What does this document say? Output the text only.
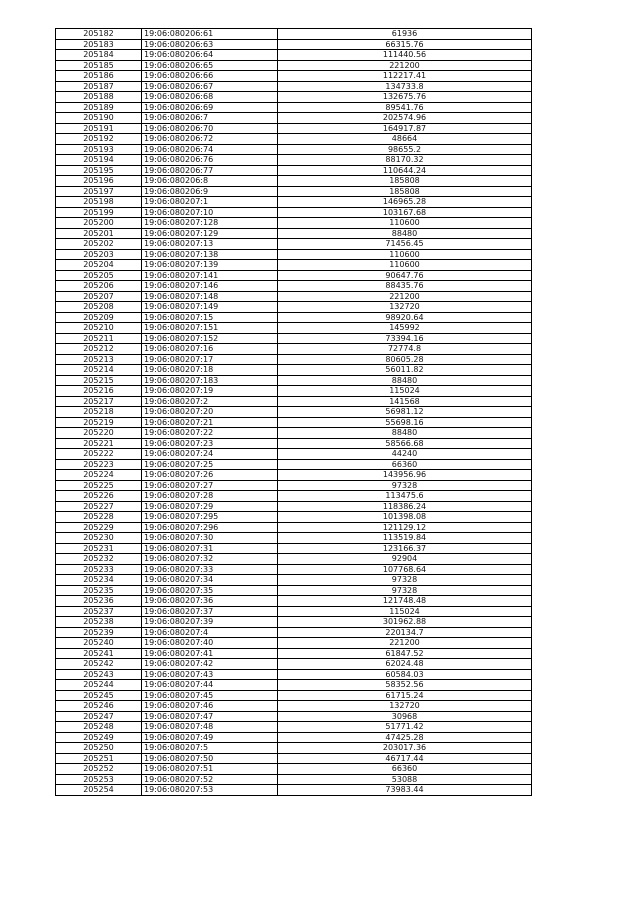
205182	19:06:080206:61	61936
205183	19:06:080206:63	66315.76
205184	19:06:080206:64	111440.56
205185	19:06:080206:65	221200
205186	19:06:080206:66	112217.41
205187	19:06:080206:67	134733.8
205188	19:06:080206:68	132675.76
205189	19:06:080206:69	89541.76
205190	19:06:080206:7	202574.96
205191	19:06:080206:70	164917.87
205192	19:06:080206:72	48664
205193	19:06:080206:74	98655.2
205194	19:06:080206:76	88170.32
205195	19:06:080206:77	110644.24
205196	19:06:080206:8	185808
205197	19:06:080206:9	185808
205198	19:06:080207:1	146965.28
205199	19:06:080207:10	103167.68
205200	19:06:080207:128	110600
205201	19:06:080207:129	88480
205202	19:06:080207:13	71456.45
205203	19:06:080207:138	110600
205204	19:06:080207:139	110600
205205	19:06:080207:141	90647.76
205206	19:06:080207:146	88435.76
205207	19:06:080207:148	221200
205208	19:06:080207:149	132720
205209	19:06:080207:15	98920.64
205210	19:06:080207:151	145992
205211	19:06:080207:152	73394.16
205212	19:06:080207:16	72774.8
205213	19:06:080207:17	80605.28
205214	19:06:080207:18	56011.82
205215	19:06:080207:183	88480
205216	19:06:080207:19	115024
205217	19:06:080207:2	141568
205218	19:06:080207:20	56981.12
205219	19:06:080207:21	55698.16
205220	19:06:080207:22	88480
205221	19:06:080207:23	58566.68
205222	19:06:080207:24	44240
205223	19:06:080207:25	66360
205224	19:06:080207:26	143956.96
205225	19:06:080207:27	97328
205226	19:06:080207:28	113475.6
205227	19:06:080207:29	118386.24
205228	19:06:080207:295	101398.08
205229	19:06:080207:296	121129.12
205230	19:06:080207:30	113519.84
205231	19:06:080207:31	123166.37
205232	19:06:080207:32	92904
205233	19:06:080207:33	107768.64
205234	19:06:080207:34	97328
205235	19:06:080207:35	97328
205236	19:06:080207:36	121748.48
205237	19:06:080207:37	115024
205238	19:06:080207:39	301962.88
205239	19:06:080207:4	220134.7
205240	19:06:080207:40	221200
205241	19:06:080207:41	61847.52
205242	19:06:080207:42	62024.48
205243	19:06:080207:43	60584.03
205244	19:06:080207:44	58352.56
205245	19:06:080207:45	61715.24
205246	19:06:080207:46	132720
205247	19:06:080207:47	30968
205248	19:06:080207:48	51771.42
205249	19:06:080207:49	47425.28
205250	19:06:080207:5	203017.36
205251	19:06:080207:50	46717.44
205252	19:06:080207:51	66360
205253	19:06:080207:52	53088
205254	19:06:080207:53	73983.44
